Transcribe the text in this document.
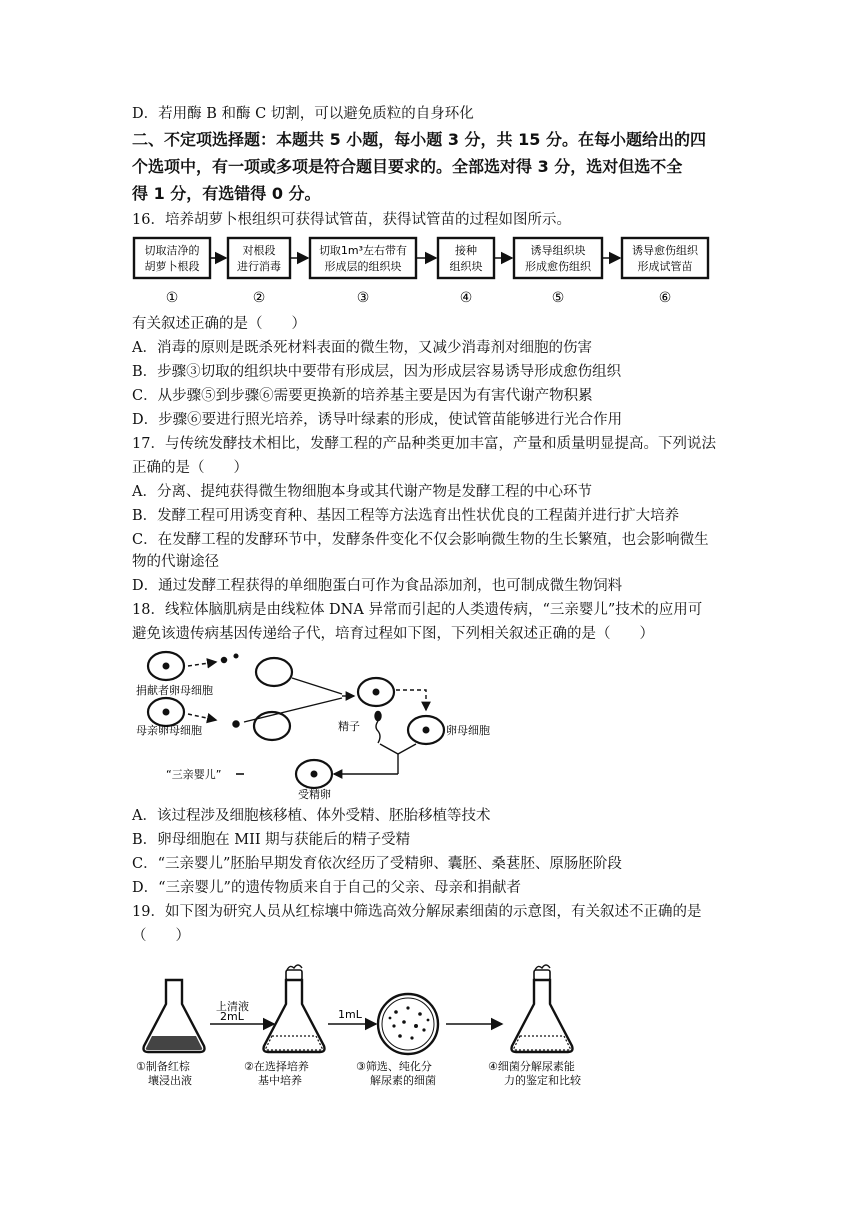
D．若用酶 B 和酶 C 切割，可以避免质粒的自身环化
二、不定项选择题：本题共 5 小题，每小题 3 分，共 15 分。在每小题给出的四
个选项中，有一项或多项是符合题目要求的。全部选对得 3 分，选对但选不全
得 1 分，有选错得 0 分。
16．培养胡萝卜根组织可获得试管苗，获得试管苗的过程如图所示。
切取洁净的
胡萝卜根段
对根段
进行消毒
切取1m³左右带有
形成层的组织块
接种
组织块
诱导组织块
形成愈伤组织
诱导愈伤组织
形成试管苗
①	②	③	④	⑤	⑥
有关叙述正确的是（　　）
A．消毒的原则是既杀死材料表面的微生物，又减少消毒剂对细胞的伤害
B．步骤③切取的组织块中要带有形成层，因为形成层容易诱导形成愈伤组织
C．从步骤⑤到步骤⑥需要更换新的培养基主要是因为有害代谢产物积累
D．步骤⑥要进行照光培养，诱导叶绿素的形成，使试管苗能够进行光合作用
17．与传统发酵技术相比，发酵工程的产品种类更加丰富，产量和质量明显提高。下列说法
正确的是（　　）
A．分离、提纯获得微生物细胞本身或其代谢产物是发酵工程的中心环节
B．发酵工程可用诱变育种、基因工程等方法选育出性状优良的工程菌并进行扩大培养
C．在发酵工程的发酵环节中，发酵条件变化不仅会影响微生物的生长繁殖，也会影响微生
物的代谢途径
D．通过发酵工程获得的单细胞蛋白可作为食品添加剂，也可制成微生物饲料
18．线粒体脑肌病是由线粒体 DNA 异常而引起的人类遗传病，“三亲婴儿”技术的应用可
避免该遗传病基因传递给子代，培育过程如下图，下列相关叙述正确的是（　　）
捐献者卵母细胞
母亲卵母细胞	精子	卵母细胞
受精卵
“三亲婴儿”
A．该过程涉及细胞核移植、体外受精、胚胎移植等技术
B．卵母细胞在 MII 期与获能后的精子受精
C．“三亲婴儿”胚胎早期发育依次经历了受精卵、囊胚、桑葚胚、原肠胚阶段
D．“三亲婴儿”的遗传物质来自于自己的父亲、母亲和捐献者
19．如下图为研究人员从红棕壤中筛选高效分解尿素细菌的示意图，有关叙述不正确的是
（　　）
上清液
2mL	1mL
①制备红棕
壤浸出液
②在选择培养
基中培养
③筛选、纯化分
解尿素的细菌
④细菌分解尿素能
力的鉴定和比较
